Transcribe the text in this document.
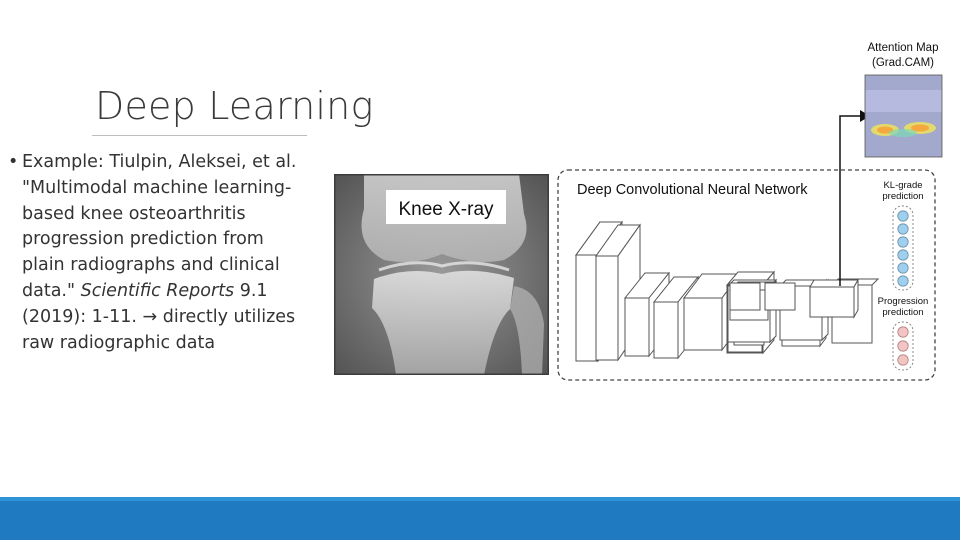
Deep Learning
• Example: Tiulpin, Aleksei, et al.
"Multimodal machine learning-
based knee osteoarthritis
progression prediction from
plain radiographs and clinical
data." Scientific Reports 9.1
(2019): 1-11. → directly utilizes
raw radiographic data
Knee X-ray
Deep Convolutional Neural Network
Attention Map
(Grad.CAM)
KL-grade
prediction
Progression
prediction
